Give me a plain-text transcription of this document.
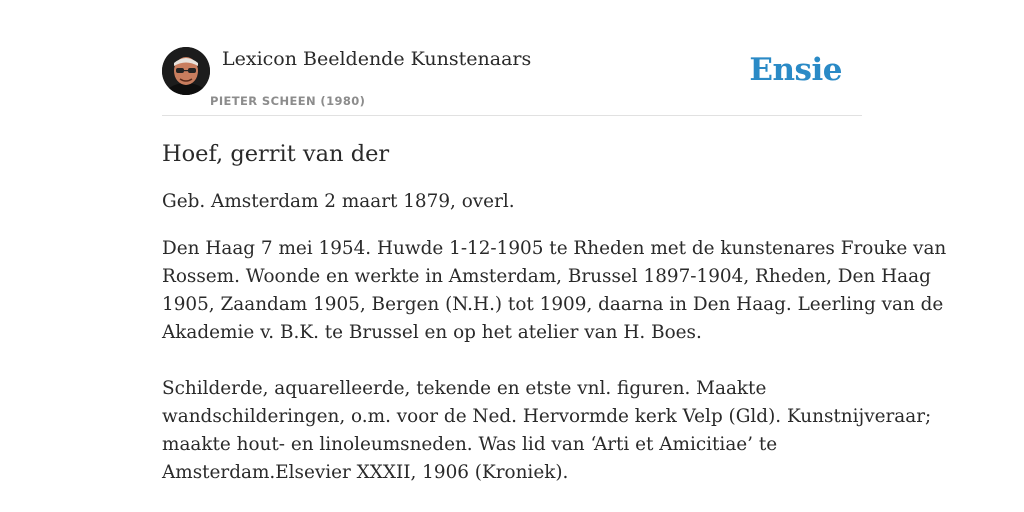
Lexicon Beeldende Kunstenaars
PIETER SCHEEN (1980)
Ensie
Hoef, gerrit van der

Geb. Amsterdam 2 maart 1879, overl.

Den Haag 7 mei 1954. Huwde 1-12-1905 te Rheden met de kunstenares Frouke van
Rossem. Woonde en werkte in Amsterdam, Brussel 1897-1904, Rheden, Den Haag
1905, Zaandam 1905, Bergen (N.H.) tot 1909, daarna in Den Haag. Leerling van de
Akademie v. B.K. te Brussel en op het atelier van H. Boes.
Schilderde, aquarelleerde, tekende en etste vnl. figuren. Maakte
wandschilderingen, o.m. voor de Ned. Hervormde kerk Velp (Gld). Kunstnijveraar;
maakte hout- en linoleumsneden. Was lid van ‘Arti et Amicitiae’ te
Amsterdam.Elsevier XXXII, 1906 (Kroniek).
